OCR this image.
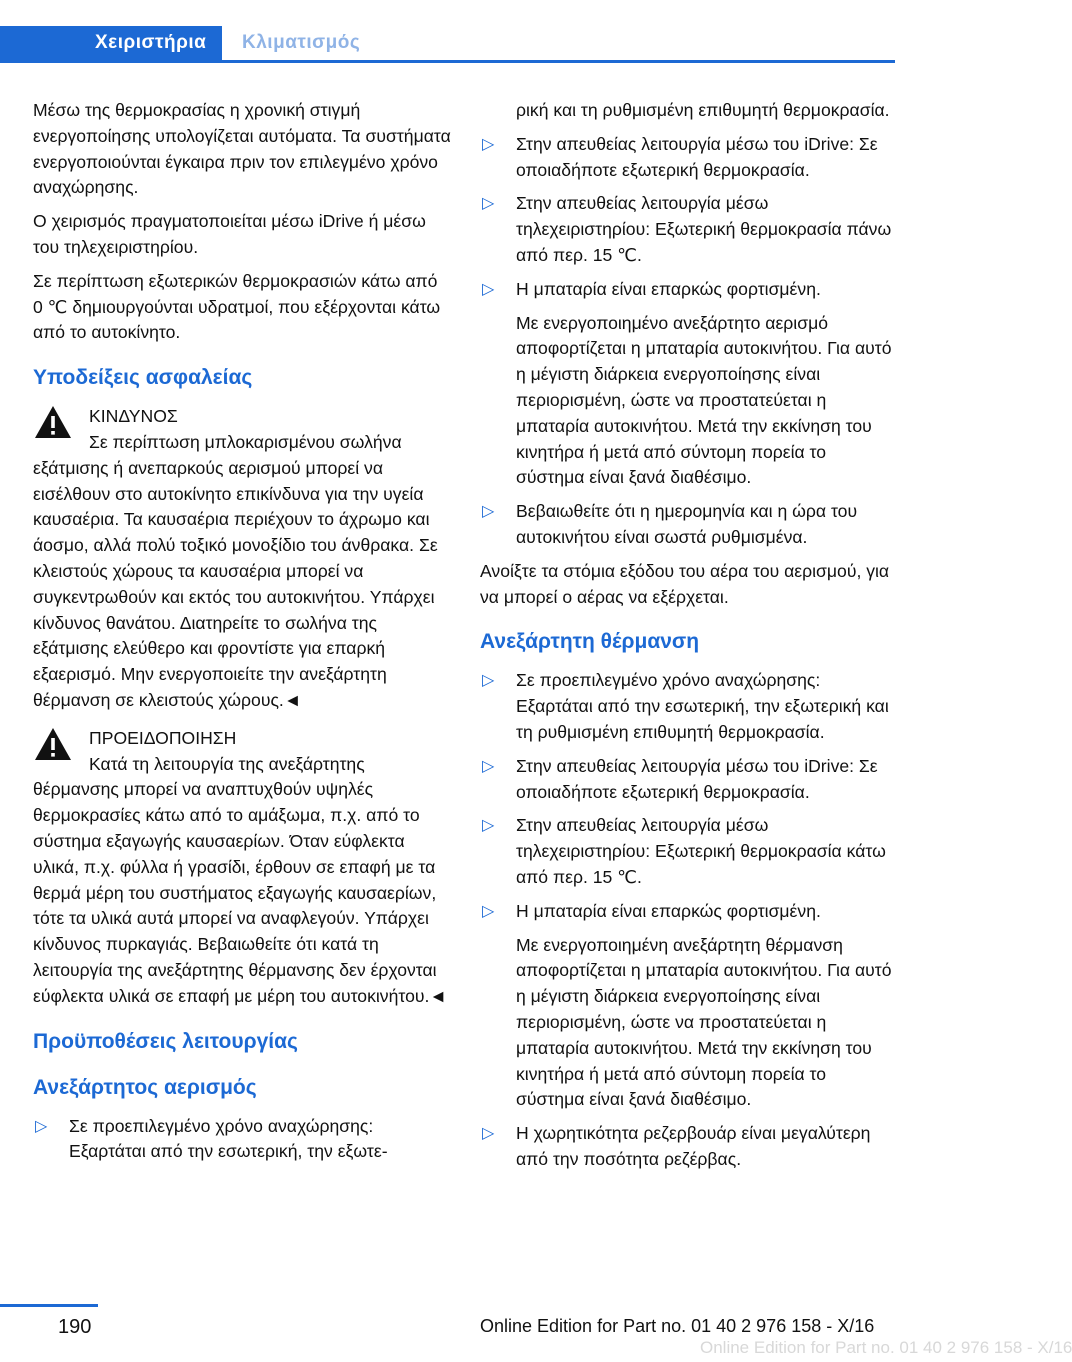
Χειριστήρια	Κλιματισμός

Μέσω της θερμοκρασίας η χρονική στιγμή ενεργοποίησης υπολογίζεται αυτόματα. Τα συστήματα ενεργοποιούνται έγκαιρα πριν τον επιλεγμένο χρόνο αναχώρησης.

Ο χειρισμός πραγματοποιείται μέσω iDrive ή μέσω του τηλεχειριστηρίου.

Σε περίπτωση εξωτερικών θερμοκρασιών κάτω από 0 ℃ δημιουργούνται υδρατμοί, που εξέρχονται κάτω από το αυτοκίνητο.

Υποδείξεις ασφαλείας
ΚΙΝΔΥΝΟΣ
Σε περίπτωση μπλοκαρισμένου σωλήνα
εξάτμισης ή ανεπαρκούς αερισμού μπορεί να εισέλθουν στο αυτοκίνητο επικίνδυνα για την υγεία καυσαέρια. Τα καυσαέρια περιέχουν το άχρωμο και άοσμο, αλλά πολύ τοξικό μονοξίδιο του άνθρακα. Σε κλειστούς χώρους τα καυσαέρια μπορεί να συγκεντρωθούν και εκτός του αυτοκινήτου. Υπάρχει κίνδυνος θανάτου. Διατηρείτε το σωλήνα της εξάτμισης ελεύθερο και φροντίστε για επαρκή εξαερισμό. Μην ενεργοποιείτε την ανεξάρτητη θέρμανση σε κλειστούς χώρους.◄
ΠΡΟΕΙΔΟΠΟΙΗΣΗ
Κατά τη λειτουργία της ανεξάρτητης
θέρμανσης μπορεί να αναπτυχθούν υψηλές θερμοκρασίες κάτω από το αμάξωμα, π.χ. από το σύστημα εξαγωγής καυσαερίων. Όταν εύφλεκτα υλικά, π.χ. φύλλα ή γρασίδι, έρθουν σε επαφή με τα θερμά μέρη του συστήματος εξαγωγής καυσαερίων, τότε τα υλικά αυτά μπορεί να αναφλεγούν. Υπάρχει κίνδυνος πυρκαγιάς. Βεβαιωθείτε ότι κατά τη λειτουργία της ανεξάρτητης θέρμανσης δεν έρχονται εύφλεκτα υλικά σε επαφή με μέρη του αυτοκινήτου.◄
Προϋποθέσεις λειτουργίας
Ανεξάρτητος αερισμός
▷ Σε προεπιλεγμένο χρόνο αναχώρησης: Εξαρτάται από την εσωτερική, την εξωτε-
ρική και τη ρυθμισμένη επιθυμητή θερμοκρασία.
▷ Στην απευθείας λειτουργία μέσω του iDrive: Σε οποιαδήποτε εξωτερική θερμοκρασία.
▷ Στην απευθείας λειτουργία μέσω τηλεχειριστηρίου: Εξωτερική θερμοκρασία πάνω από περ. 15 ℃.
▷ Η μπαταρία είναι επαρκώς φορτισμένη.
Με ενεργοποιημένο ανεξάρτητο αερισμό αποφορτίζεται η μπαταρία αυτοκινήτου. Για αυτό η μέγιστη διάρκεια ενεργοποίησης είναι περιορισμένη, ώστε να προστατεύεται η μπαταρία αυτοκινήτου. Μετά την εκκίνηση του κινητήρα ή μετά από σύντομη πορεία το σύστημα είναι ξανά διαθέσιμο.
▷ Βεβαιωθείτε ότι η ημερομηνία και η ώρα του αυτοκινήτου είναι σωστά ρυθμισμένα.

Ανοίξτε τα στόμια εξόδου του αέρα του αερισμού, για να μπορεί ο αέρας να εξέρχεται.

Ανεξάρτητη θέρμανση
▷ Σε προεπιλεγμένο χρόνο αναχώρησης: Εξαρτάται από την εσωτερική, την εξωτερική και τη ρυθμισμένη επιθυμητή θερμοκρασία.
▷ Στην απευθείας λειτουργία μέσω του iDrive: Σε οποιαδήποτε εξωτερική θερμοκρασία.
▷ Στην απευθείας λειτουργία μέσω τηλεχειριστηρίου: Εξωτερική θερμοκρασία κάτω από περ. 15 ℃.
▷ Η μπαταρία είναι επαρκώς φορτισμένη.
Με ενεργοποιημένη ανεξάρτητη θέρμανση αποφορτίζεται η μπαταρία αυτοκινήτου. Για αυτό η μέγιστη διάρκεια ενεργοποίησης είναι περιορισμένη, ώστε να προστατεύεται η μπαταρία αυτοκινήτου. Μετά την εκκίνηση του κινητήρα ή μετά από σύντομη πορεία το σύστημα είναι ξανά διαθέσιμο.
▷ Η χωρητικότητα ρεζερβουάρ είναι μεγαλύτερη από την ποσότητα ρεζέρβας.
190	Online Edition for Part no. 01 40 2 976 158 - X/16
Online Edition for Part no. 01 40 2 976 158 - X/16
